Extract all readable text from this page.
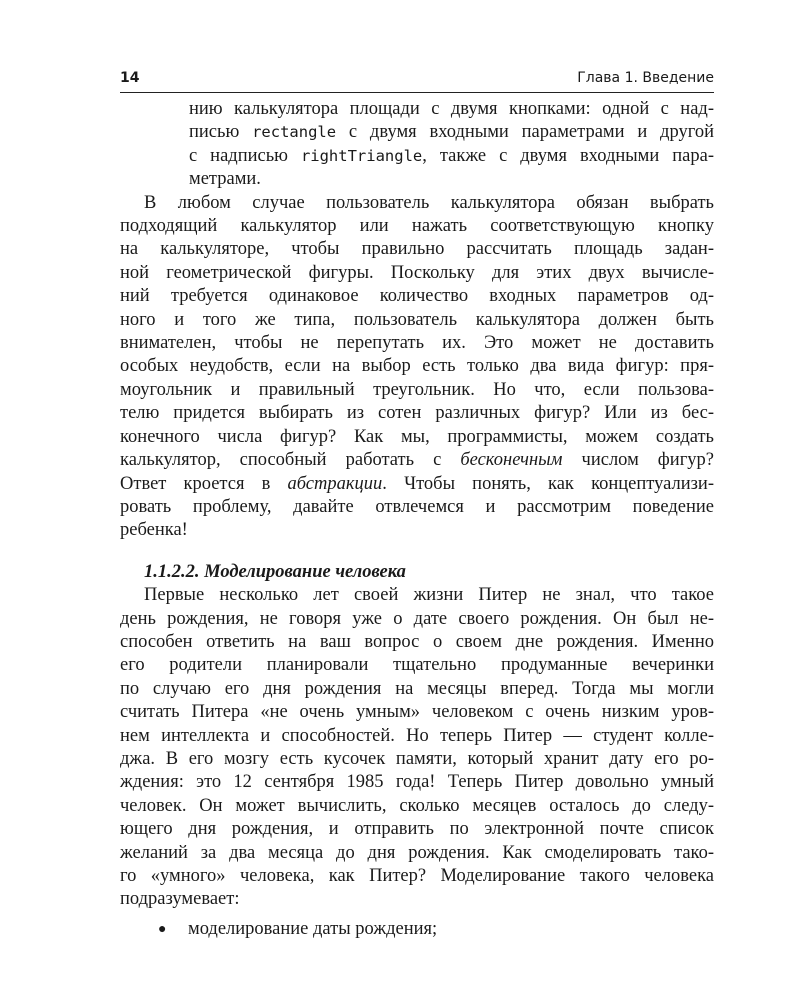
14	Глава 1. Введение
нию калькулятора площади с двумя кнопками: одной с над-
писью rectangle с двумя входными параметрами и другой
с надписью rightTriangle, также с двумя входными пара-
метрами.
В любом случае пользователь калькулятора обязан выбрать
подходящий калькулятор или нажать соответствующую кнопку
на калькуляторе, чтобы правильно рассчитать площадь задан-
ной геометрической фигуры. Поскольку для этих двух вычисле-
ний требуется одинаковое количество входных параметров од-
ного и того же типа, пользователь калькулятора должен быть
внимателен, чтобы не перепутать их. Это может не доставить
особых неудобств, если на выбор есть только два вида фигур: пря-
моугольник и правильный треугольник. Но что, если пользова-
телю придется выбирать из сотен различных фигур? Или из бес-
конечного числа фигур? Как мы, программисты, можем создать
калькулятор, способный работать с бесконечным числом фигур?
Ответ кроется в абстракции. Чтобы понять, как концептуализи-
ровать проблему, давайте отвлечемся и рассмотрим поведение
ребенка!
1.1.2.2. Моделирование человека
Первые несколько лет своей жизни Питер не знал, что такое
день рождения, не говоря уже о дате своего рождения. Он был не-
способен ответить на ваш вопрос о своем дне рождения. Именно
его родители планировали тщательно продуманные вечеринки
по случаю его дня рождения на месяцы вперед. Тогда мы могли
считать Питера «не очень умным» человеком с очень низким уров-
нем интеллекта и способностей. Но теперь Питер — студент колле-
джа. В его мозгу есть кусочек памяти, который хранит дату его ро-
ждения: это 12 сентября 1985 года! Теперь Питер довольно умный
человек. Он может вычислить, сколько месяцев осталось до следу-
ющего дня рождения, и отправить по электронной почте список
желаний за два месяца до дня рождения. Как смоделировать тако-
го «умного» человека, как Питер? Моделирование такого человека
подразумевает:
●	моделирование даты рождения;
